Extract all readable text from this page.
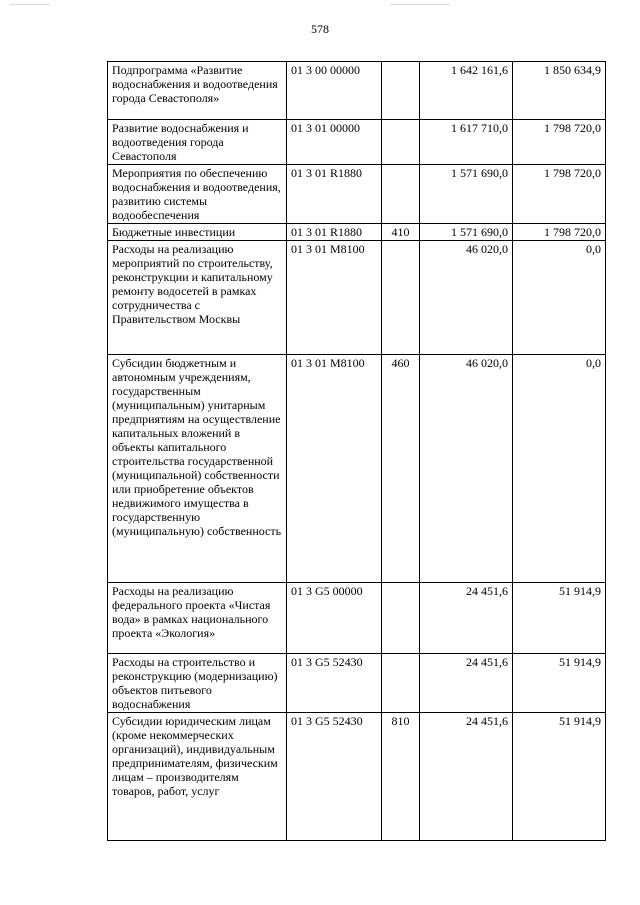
578
Подпрограмма «Развитие водоснабжения и водоотведения города Севастополя»	01 3 00 00000		1 642 161,6	1 850 634,9
Развитие водоснабжения и водоотведения города Севастополя	01 3 01 00000		1 617 710,0	1 798 720,0
Мероприятия по обеспечению водоснабжения и водоотведения, развитию системы водообеспечения	01 3 01 R1880		1 571 690,0	1 798 720,0
Бюджетные инвестиции	01 3 01 R1880	410	1 571 690,0	1 798 720,0
Расходы на реализацию мероприятий по строительству, реконструкции и капитальному ремонту водосетей в рамках сотрудничества с Правительством Москвы	01 3 01 M8100		46 020,0	0,0
Субсидии бюджетным и автономным учреждениям, государственным (муниципальным) унитарным предприятиям на осуществление капитальных вложений в объекты капитального строительства государственной (муниципальной) собственности или приобретение объектов недвижимого имущества в государственную (муниципальную) собственность	01 3 01 M8100	460	46 020,0	0,0
Расходы на реализацию федерального проекта «Чистая вода» в рамках национального проекта «Экология»	01 3 G5 00000		24 451,6	51 914,9
Расходы на строительство и реконструкцию (модернизацию) объектов питьевого водоснабжения	01 3 G5 52430		24 451,6	51 914,9
Субсидии юридическим лицам (кроме некоммерческих организаций), индивидуальным предпринимателям, физическим лицам – производителям товаров, работ, услуг	01 3 G5 52430	810	24 451,6	51 914,9
